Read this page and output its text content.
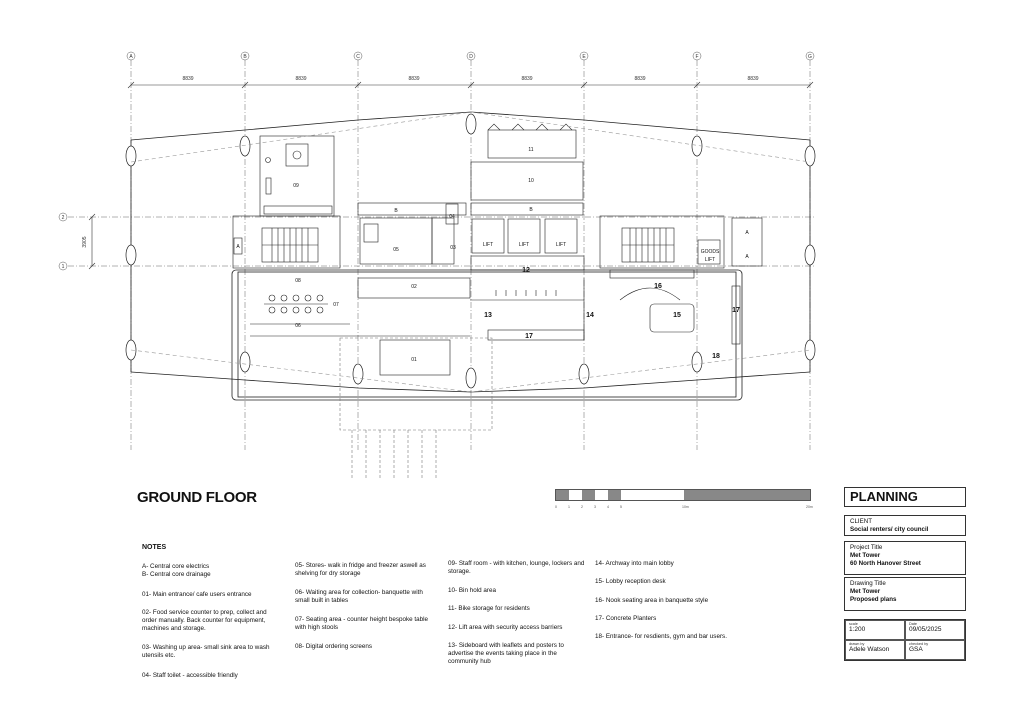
A	B	C	D	E	F	G
2
1
8839	8839	8839	8839	8839	8839
3905
09
11
10
B	B
04
05	03	LIFT	LIFT	LIFT
A
GOODS
LIFT
A
A
08
02
07
06
01
12
13
17
14
16
15
17
18
GROUND FLOOR
0	1	2	3	4	5	10m	20m
NOTES
A- Central core electrics
B- Central core drainage
01- Main entrance/ cafe users entrance
02- Food service counter to prep, collect and order manually. Back counter for equipment, machines and storage.
03- Washing up area- small sink area to wash utensils etc.
04- Staff toilet - accessible friendly
05- Stores- walk in fridge and freezer aswell as shelving for dry storage
06- Waiting area for collection- banquette with small built in tables
07- Seating area - counter height bespoke table with high stools
08- Digital ordering screens
09- Staff room - with kitchen, lounge, lockers and storage.
10- Bin hold area
11- Bike storage for residents
12- Lift area with security access barriers
13- Sideboard with leaflets and posters to advertise the events taking place in the community hub
14- Archway into main lobby
15- Lobby reception desk
16- Nook seating area in banquette style
17- Concrete Planters
18- Entrance- for resdients, gym and bar users.
PLANNING
CLIENT
Social renters/ city council
Project Title
Met Tower
60 North Hanover Street
Drawing Title
Met Tower
Proposed plans
scale
1:200
Date
09/05/2025
drawn by
Adele Watson
checked by
GSA
